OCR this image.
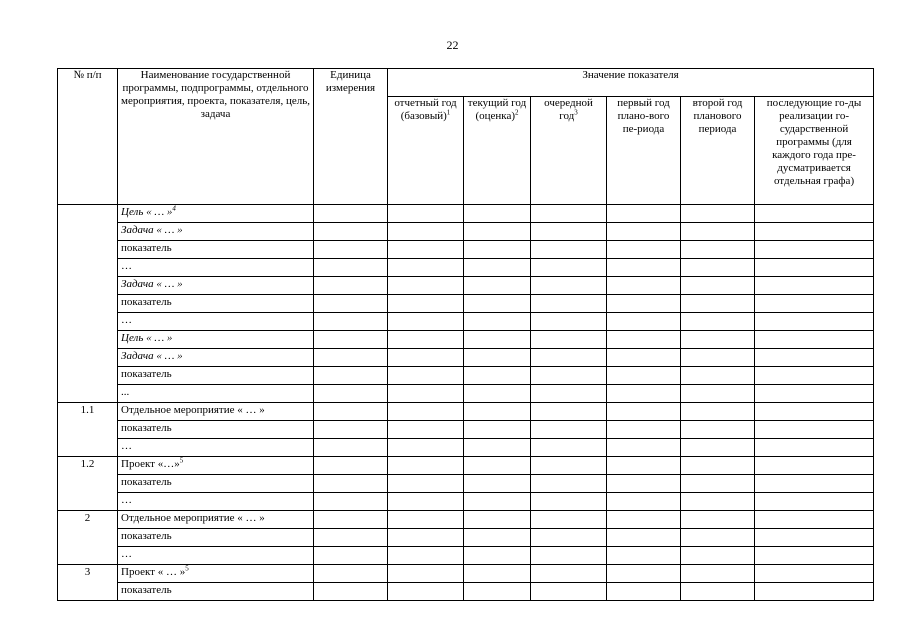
22
№ п/п	Наименование государственной программы, подпрограммы, отдельного мероприятия, проекта, показателя, цель, задача	Единица измерения	Значение показателя					
			отчетный год (базовый)$^1$	текущий год (оценка)$^2$	очередной год$^3$	первый год плано-вого пе-риода	второй год планового периода	последующие го-ды реализации го-сударственной программы (для каждого года пре-дусматривается отдельная графа)
	Цель « … »$^4$							
	Задача « … »							
	показатель							
	…							
	Задача « … »							
	показатель							
	…							
	Цель « … »							
	Задача « … »							
	показатель							
	...							
1.1	Отдельное мероприятие « … »							
	показатель							
	…							
1.2	Проект «…»$^5$							
	показатель							
	…							
2	Отдельное мероприятие « … »							
	показатель							
	…							
3	Проект « … »$^5$							
	показатель							
